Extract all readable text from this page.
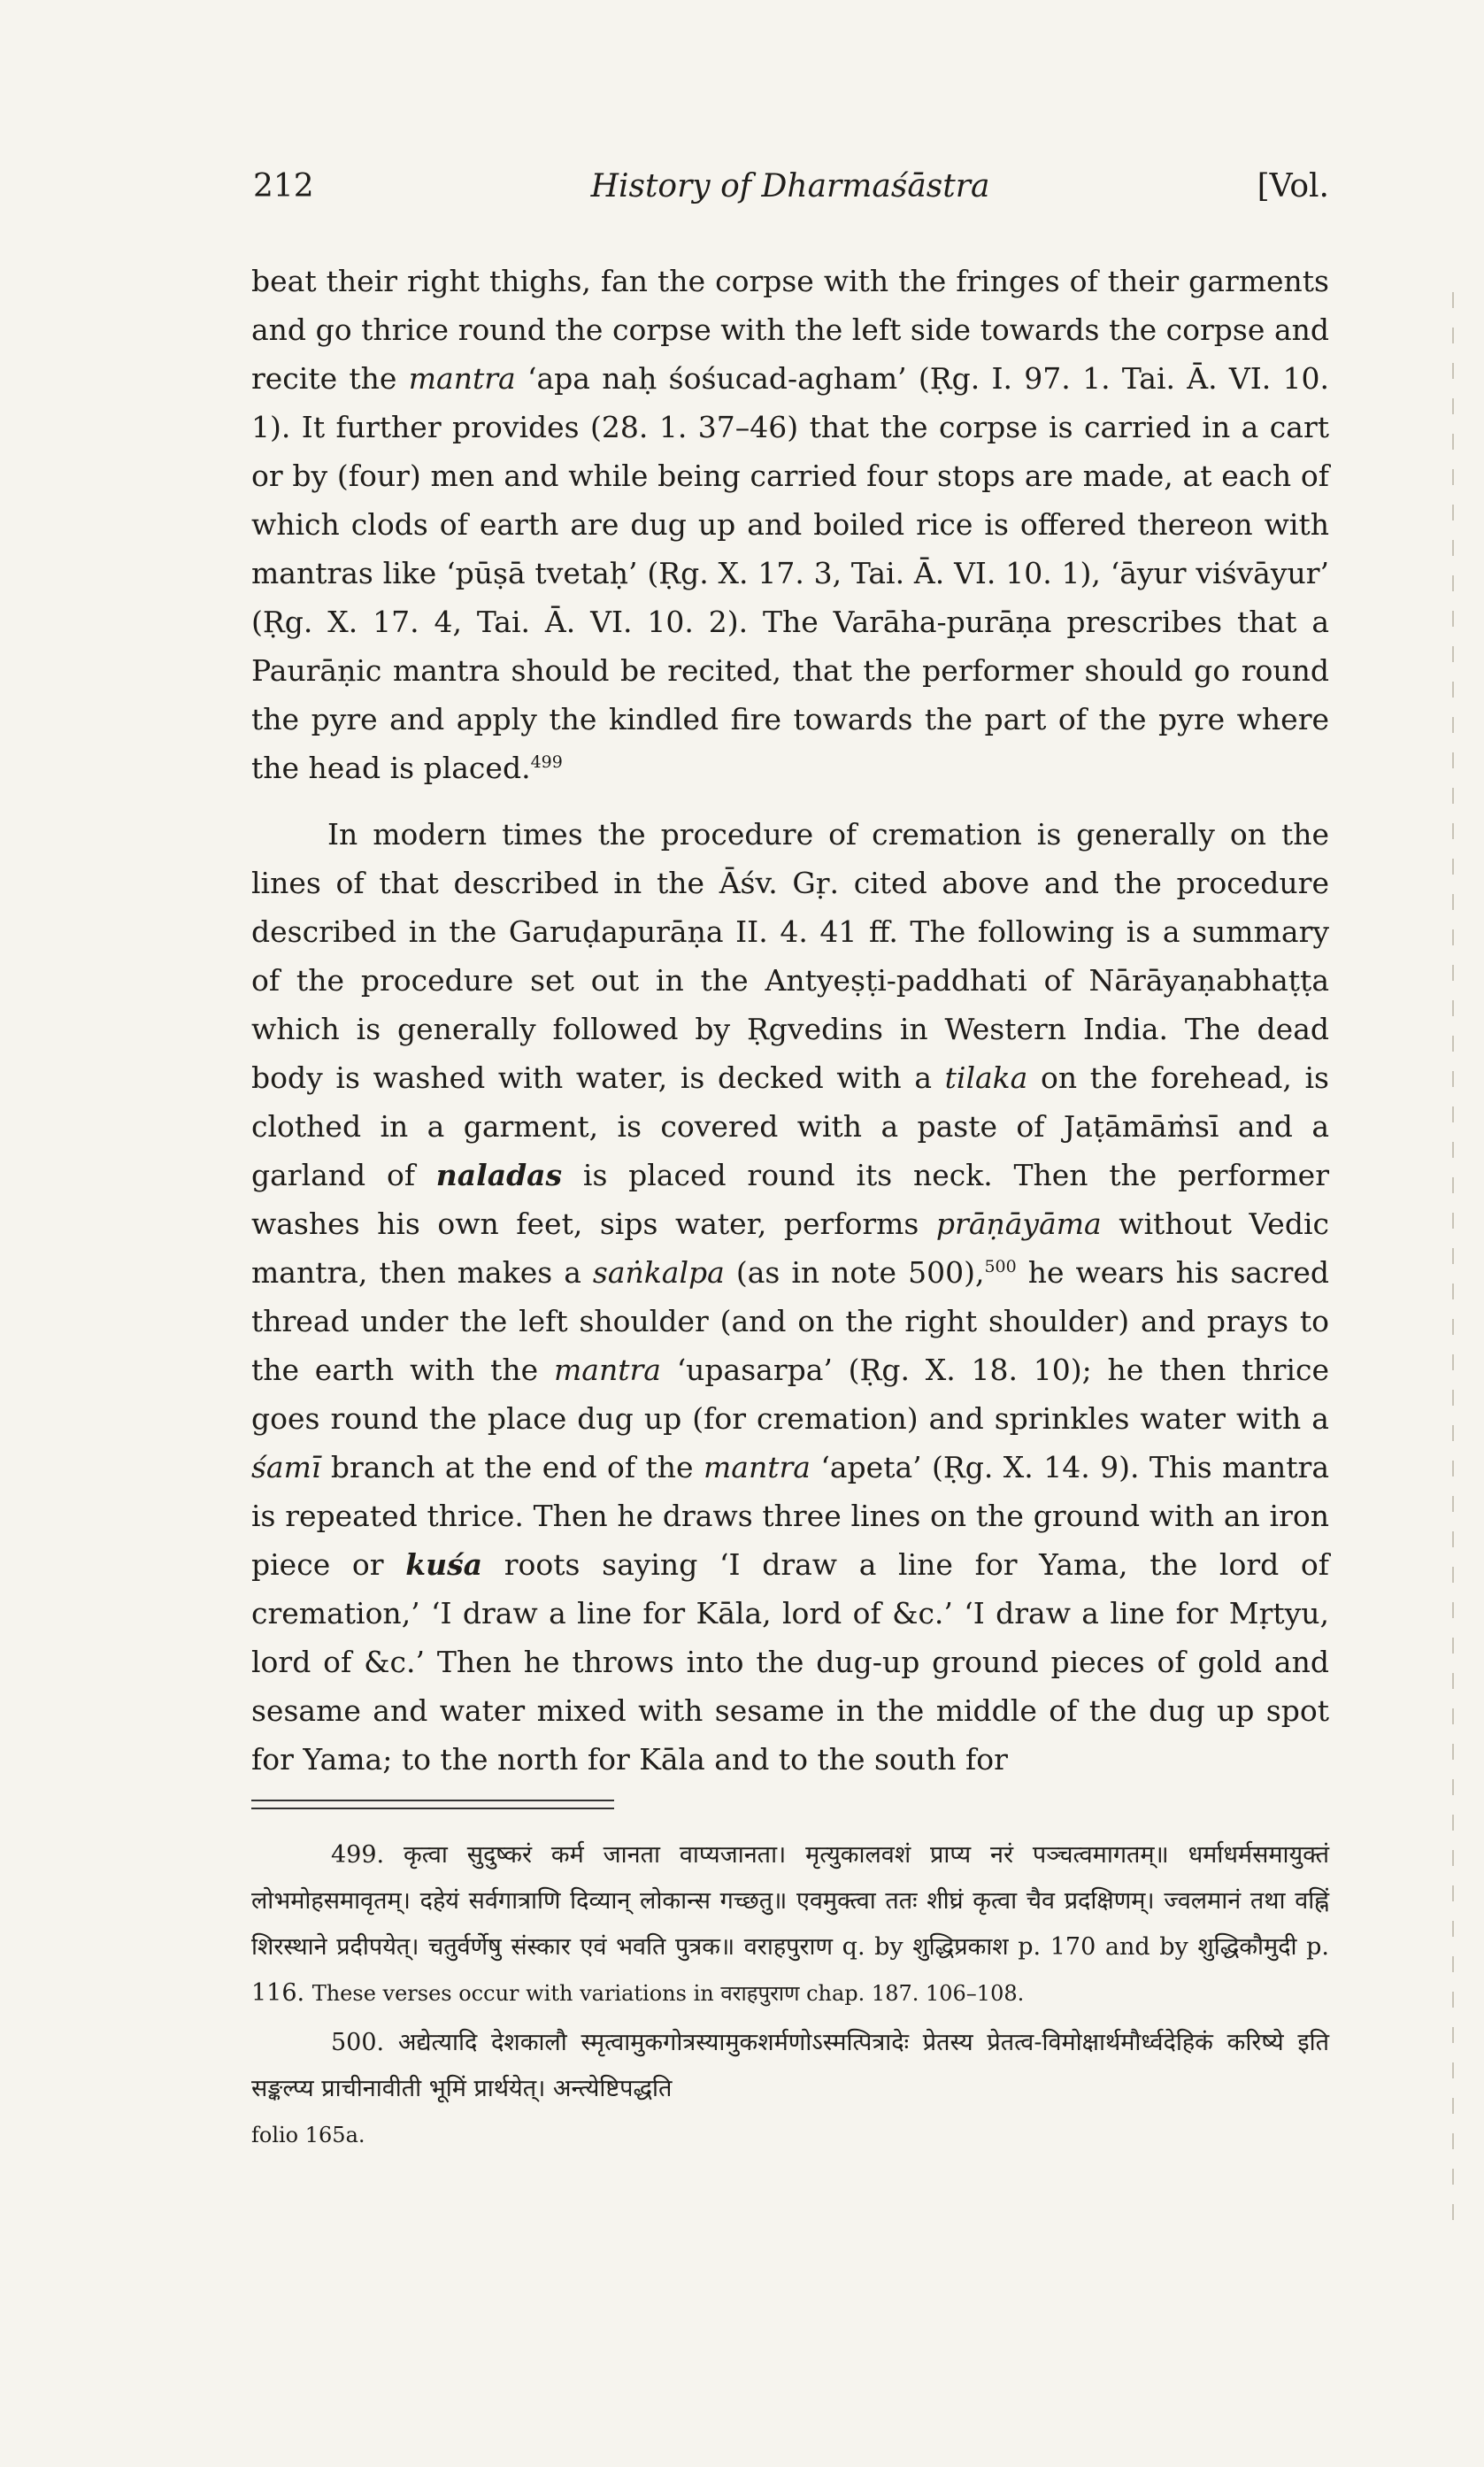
212	History of Dharmaśāstra	[Vol.

beat their right thighs, fan the corpse with the fringes of their garments and go thrice round the corpse with the left side towards the corpse and recite the mantra ‘apa naḥ śośucad-agham’ (Ṛg. I. 97. 1. Tai. Ā. VI. 10. 1). It further provides (28. 1. 37–46) that the corpse is carried in a cart or by (four) men and while being carried four stops are made, at each of which clods of earth are dug up and boiled rice is offered thereon with mantras like ‘pūṣā tvetaḥ’ (Ṛg. X. 17. 3, Tai. Ā. VI. 10. 1), ‘āyur viśvāyur’ (Ṛg. X. 17. 4, Tai. Ā. VI. 10. 2). The Varāha-purāṇa prescribes that a Paurāṇic mantra should be recited, that the performer should go round the pyre and apply the kindled fire towards the part of the pyre where the head is placed.$^{499}$

In modern times the procedure of cremation is generally on the lines of that described in the Āśv. Gṛ. cited above and the procedure described in the Garuḍapurāṇa II. 4. 41 ff. The following is a summary of the procedure set out in the Antyeṣṭi-paddhati of Nārāyaṇabhaṭṭa which is generally followed by Ṛgvedins in Western India. The dead body is washed with water, is decked with a tilaka on the forehead, is clothed in a garment, is covered with a paste of Jaṭāmāṁsī and a garland of naladas is placed round its neck. Then the performer washes his own feet, sips water, performs prāṇāyāma without Vedic mantra, then makes a saṅkalpa (as in note 500),$^{500}$ he wears his sacred thread under the left shoulder (and on the right shoulder) and prays to the earth with the mantra ‘upasarpa’ (Ṛg. X. 18. 10); he then thrice goes round the place dug up (for cremation) and sprinkles water with a śamī branch at the end of the mantra ‘apeta’ (Ṛg. X. 14. 9). This mantra is repeated thrice. Then he draws three lines on the ground with an iron piece or kuśa roots saying ‘I draw a line for Yama, the lord of cremation,’ ‘I draw a line for Kāla, lord of &c.’ ‘I draw a line for Mṛtyu, lord of &c.’ Then he throws into the dug-up ground pieces of gold and sesame and water mixed with sesame in the middle of the dug up spot for Yama; to the north for Kāla and to the south for

499. कृत्वा सुदुष्करं कर्म जानता वाप्यजानता। मृत्युकालवशं प्राप्य नरं पञ्चत्वमागतम्॥ धर्माधर्मसमायुक्तं लोभमोहसमावृतम्। दहेयं सर्वगात्राणि दिव्यान् लोकान्स गच्छतु॥ एवमुक्त्वा ततः शीघ्रं कृत्वा चैव प्रदक्षिणम्। ज्वलमानं तथा वह्निं शिरस्थाने प्रदीपयेत्। चतुर्वर्णेषु संस्कार एवं भवति पुत्रक॥ वराहपुराण q. by शुद्धिप्रकाश p. 170 and by शुद्धिकौमुदी p. 116. These verses occur with variations in वराहपुराण chap. 187. 106–108.

500. अद्येत्यादि देशकालौ स्मृत्वामुकगोत्रस्यामुकशर्मणोऽस्मत्पित्रादेः प्रेतस्य प्रेतत्व-विमोक्षार्थमौर्ध्वदेहिकं करिष्ये इति सङ्कल्प्य प्राचीनावीती भूमिं प्रार्थयेत्। अन्त्येष्टिपद्धति
folio 165a.
